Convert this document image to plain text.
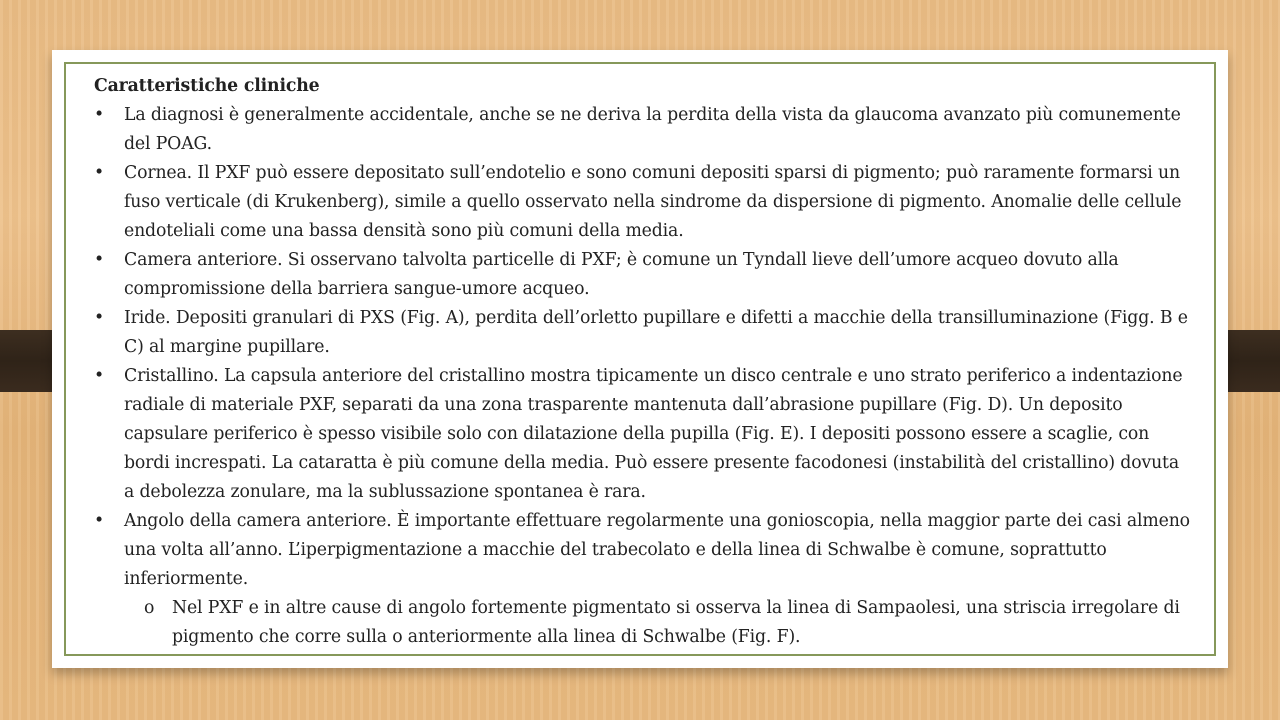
Caratteristiche cliniche
•	La diagnosi è generalmente accidentale, anche se ne deriva la perdita della vista da glaucoma avanzato più comunemente del POAG.
•	Cornea. Il PXF può essere depositato sull’endotelio e sono comuni depositi sparsi di pigmento; può raramente formarsi un fuso verticale (di Krukenberg), simile a quello osservato nella sindrome da dispersione di pigmento. Anomalie delle cellule endoteliali come una bassa densità sono più comuni della media.
•	Camera anteriore. Si osservano talvolta particelle di PXF; è comune un Tyndall lieve dell’umore acqueo dovuto alla compromissione della barriera sangue-umore acqueo.
•	Iride. Depositi granulari di PXS (Fig. A), perdita dell’orletto pupillare e difetti a macchie della transilluminazione (Figg. B e C) al margine pupillare.
•	Cristallino. La capsula anteriore del cristallino mostra tipicamente un disco centrale e uno strato periferico a indentazione radiale di materiale PXF, separati da una zona trasparente mantenuta dall’abrasione pupillare (Fig. D). Un deposito capsulare periferico è spesso visibile solo con dilatazione della pupilla (Fig. E). I depositi possono essere a scaglie, con bordi increspati. La cataratta è più comune della media. Può essere presente facodonesi (instabilità del cristallino) dovuta a debolezza zonulare, ma la sublussazione spontanea è rara.
•	Angolo della camera anteriore. È importante effettuare regolarmente una gonioscopia, nella maggior parte dei casi almeno una volta all’anno. L’iperpigmentazione a macchie del trabecolato e della linea di Schwalbe è comune, soprattutto inferiormente.
o	Nel PXF e in altre cause di angolo fortemente pigmentato si osserva la linea di Sampaolesi, una striscia irregolare di pigmento che corre sulla o anteriormente alla linea di Schwalbe (Fig. F).
